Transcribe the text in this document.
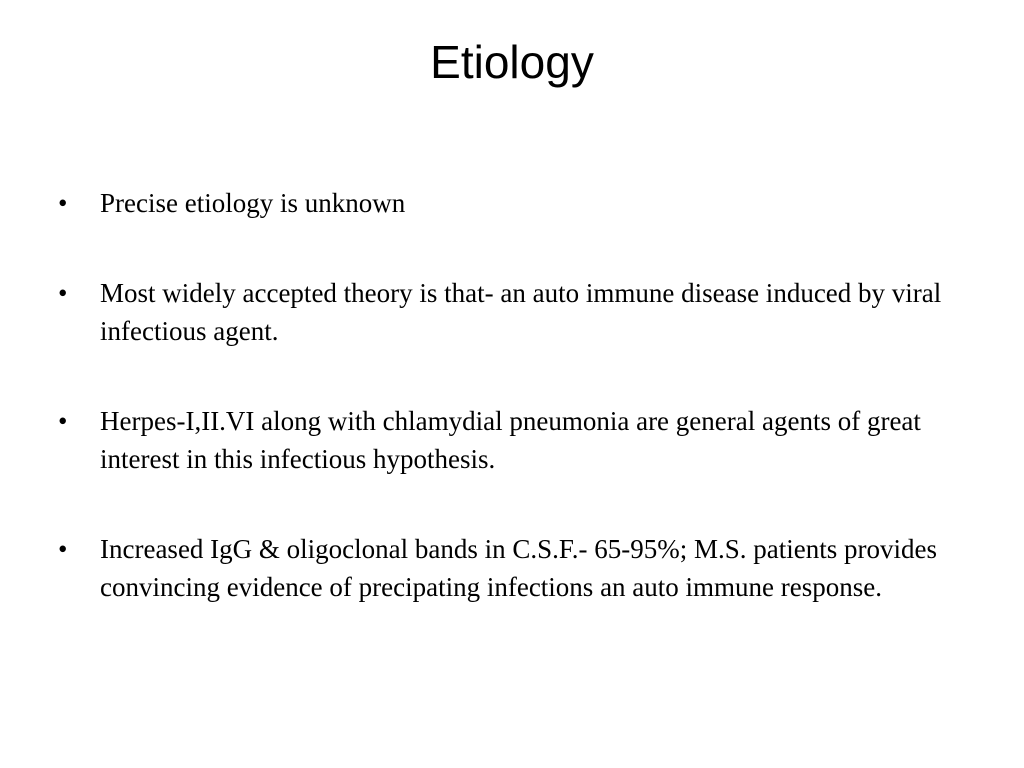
Etiology
•	Precise etiology is unknown
•	Most widely accepted theory is that- an auto immune disease induced by viral infectious agent.
•	Herpes-I,II.VI along with chlamydial pneumonia are general agents of great interest in this infectious hypothesis.
•	Increased IgG & oligoclonal bands in C.S.F.- 65-95%; M.S. patients provides convincing evidence of precipating infections an auto immune response.
